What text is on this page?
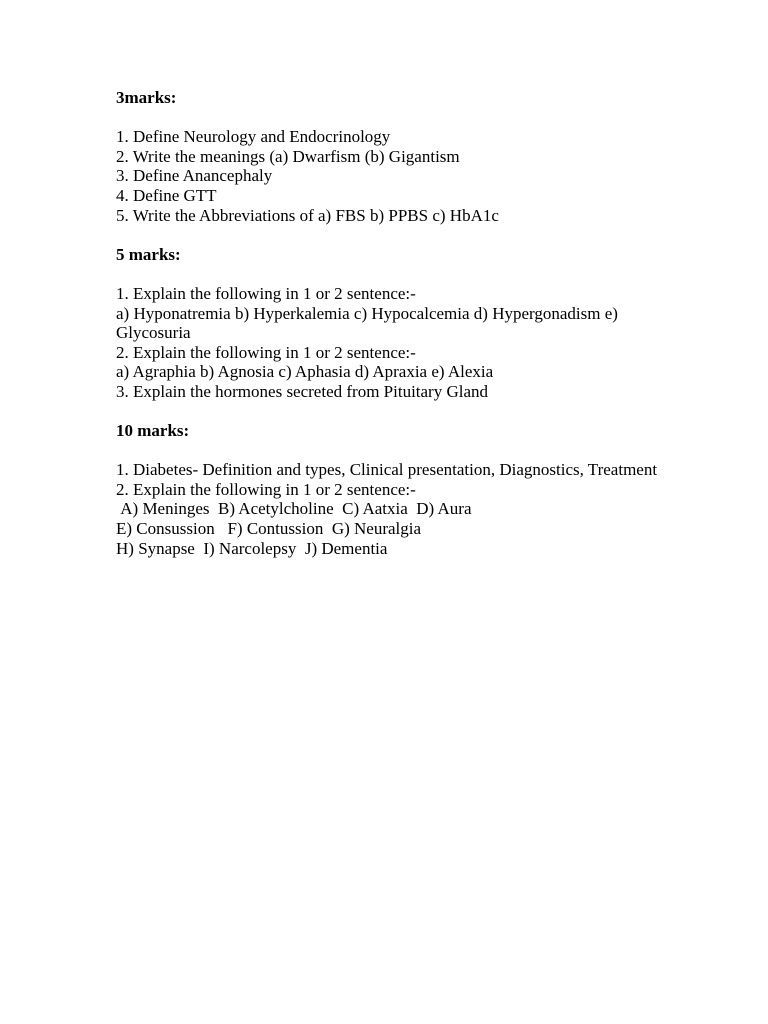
3marks:

1. Define Neurology and Endocrinology

2. Write the meanings (a) Dwarfism (b) Gigantism

3. Define Anancephaly

4. Define GTT

5. Write the Abbreviations of a) FBS b) PPBS c) HbA1c

5 marks:

1. Explain the following in 1 or 2 sentence:-

a) Hyponatremia b) Hyperkalemia c) Hypocalcemia d) Hypergonadism e) Glycosuria

2. Explain the following in 1 or 2 sentence:-

a) Agraphia b) Agnosia c) Aphasia d) Apraxia e) Alexia

3. Explain the hormones secreted from Pituitary Gland

10 marks:

1. Diabetes- Definition and types, Clinical presentation, Diagnostics, Treatment

2. Explain the following in 1 or 2 sentence:-

A) Meninges  B) Acetylcholine  C) Aatxia  D) Aura

E) Consussion   F) Contussion  G) Neuralgia

H) Synapse  I) Narcolepsy  J) Dementia
